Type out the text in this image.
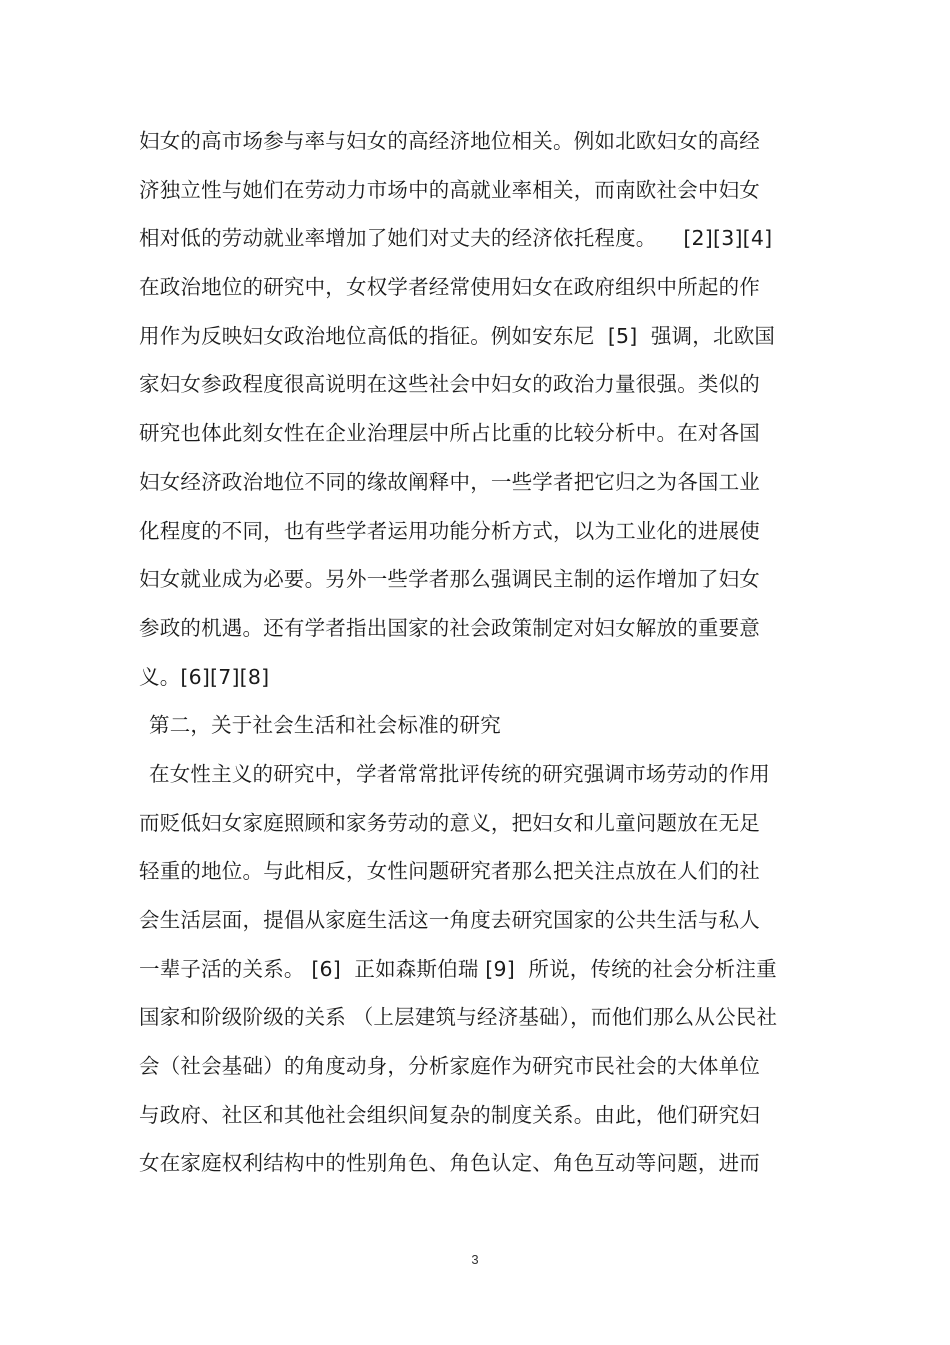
妇女的高市场参与率与妇女的高经济地位相关。例如北欧妇女的高经
济独立性与她们在劳动力市场中的高就业率相关，而南欧社会中妇女
相对低的劳动就业率增加了她们对丈夫的经济依托程度。    [2][3][4]
在政治地位的研究中，女权学者经常使用妇女在政府组织中所起的作
用作为反映妇女政治地位高低的指征。例如安东尼  [5]  强调，北欧国
家妇女参政程度很高说明在这些社会中妇女的政治力量很强。类似的
研究也体此刻女性在企业治理层中所占比重的比较分析中。在对各国
妇女经济政治地位不同的缘故阐释中，一些学者把它归之为各国工业
化程度的不同，也有些学者运用功能分析方式，以为工业化的进展使
妇女就业成为必要。另外一些学者那么强调民主制的运作增加了妇女
参政的机遇。还有学者指出国家的社会政策制定对妇女解放的重要意
义。[6][7][8]
第二，关于社会生活和社会标准的研究
在女性主义的研究中，学者常常批评传统的研究强调市场劳动的作用
而贬低妇女家庭照顾和家务劳动的意义，把妇女和儿童问题放在无足
轻重的地位。与此相反，女性问题研究者那么把关注点放在人们的社
会生活层面，提倡从家庭生活这一角度去研究国家的公共生活与私人
一辈子活的关系。 [6]  正如森斯伯瑞 [9]  所说，传统的社会分析注重
国家和阶级阶级的关系 （上层建筑与经济基础），而他们那么从公民社
会（社会基础）的角度动身，分析家庭作为研究市民社会的大体单位
与政府、社区和其他社会组织间复杂的制度关系。由此，他们研究妇
女在家庭权利结构中的性别角色、角色认定、角色互动等问题，进而
3
